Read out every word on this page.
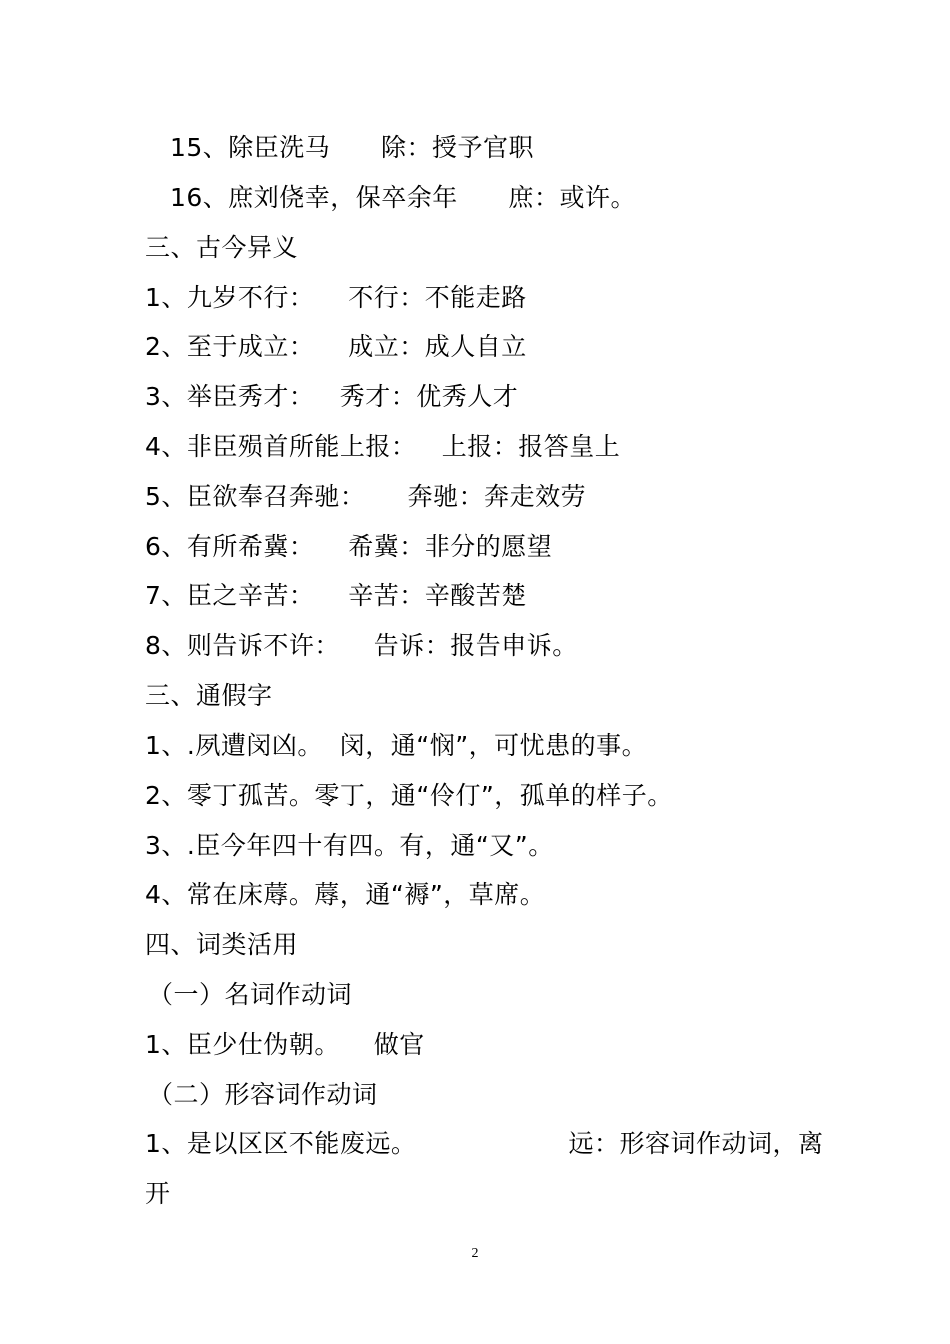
15、除臣洗马      除：授予官职
16、庶刘侥幸，保卒余年      庶：或许。
三、古今异义
1、九岁不行：    不行：不能走路
2、至于成立：    成立：成人自立
3、举臣秀才：   秀才：优秀人才
4、非臣殒首所能上报：   上报：报答皇上
5、臣欲奉召奔驰：     奔驰：奔走效劳
6、有所希冀：    希冀：非分的愿望
7、臣之辛苦：    辛苦：辛酸苦楚
8、则告诉不许：    告诉：报告申诉。
三、通假字
1、.夙遭闵凶。  闵，通“悯”，可忧患的事。
2、零丁孤苦。零丁，通“伶仃”，孤单的样子。
3、.臣今年四十有四。有，通“又”。
4、常在床蓐。蓐，通“褥”，草席。
四、词类活用
（一）名词作动词
1、臣少仕伪朝。    做官
（二）形容词作动词
1、是以区区不能废远。                  远：形容词作动词，离
开
2
